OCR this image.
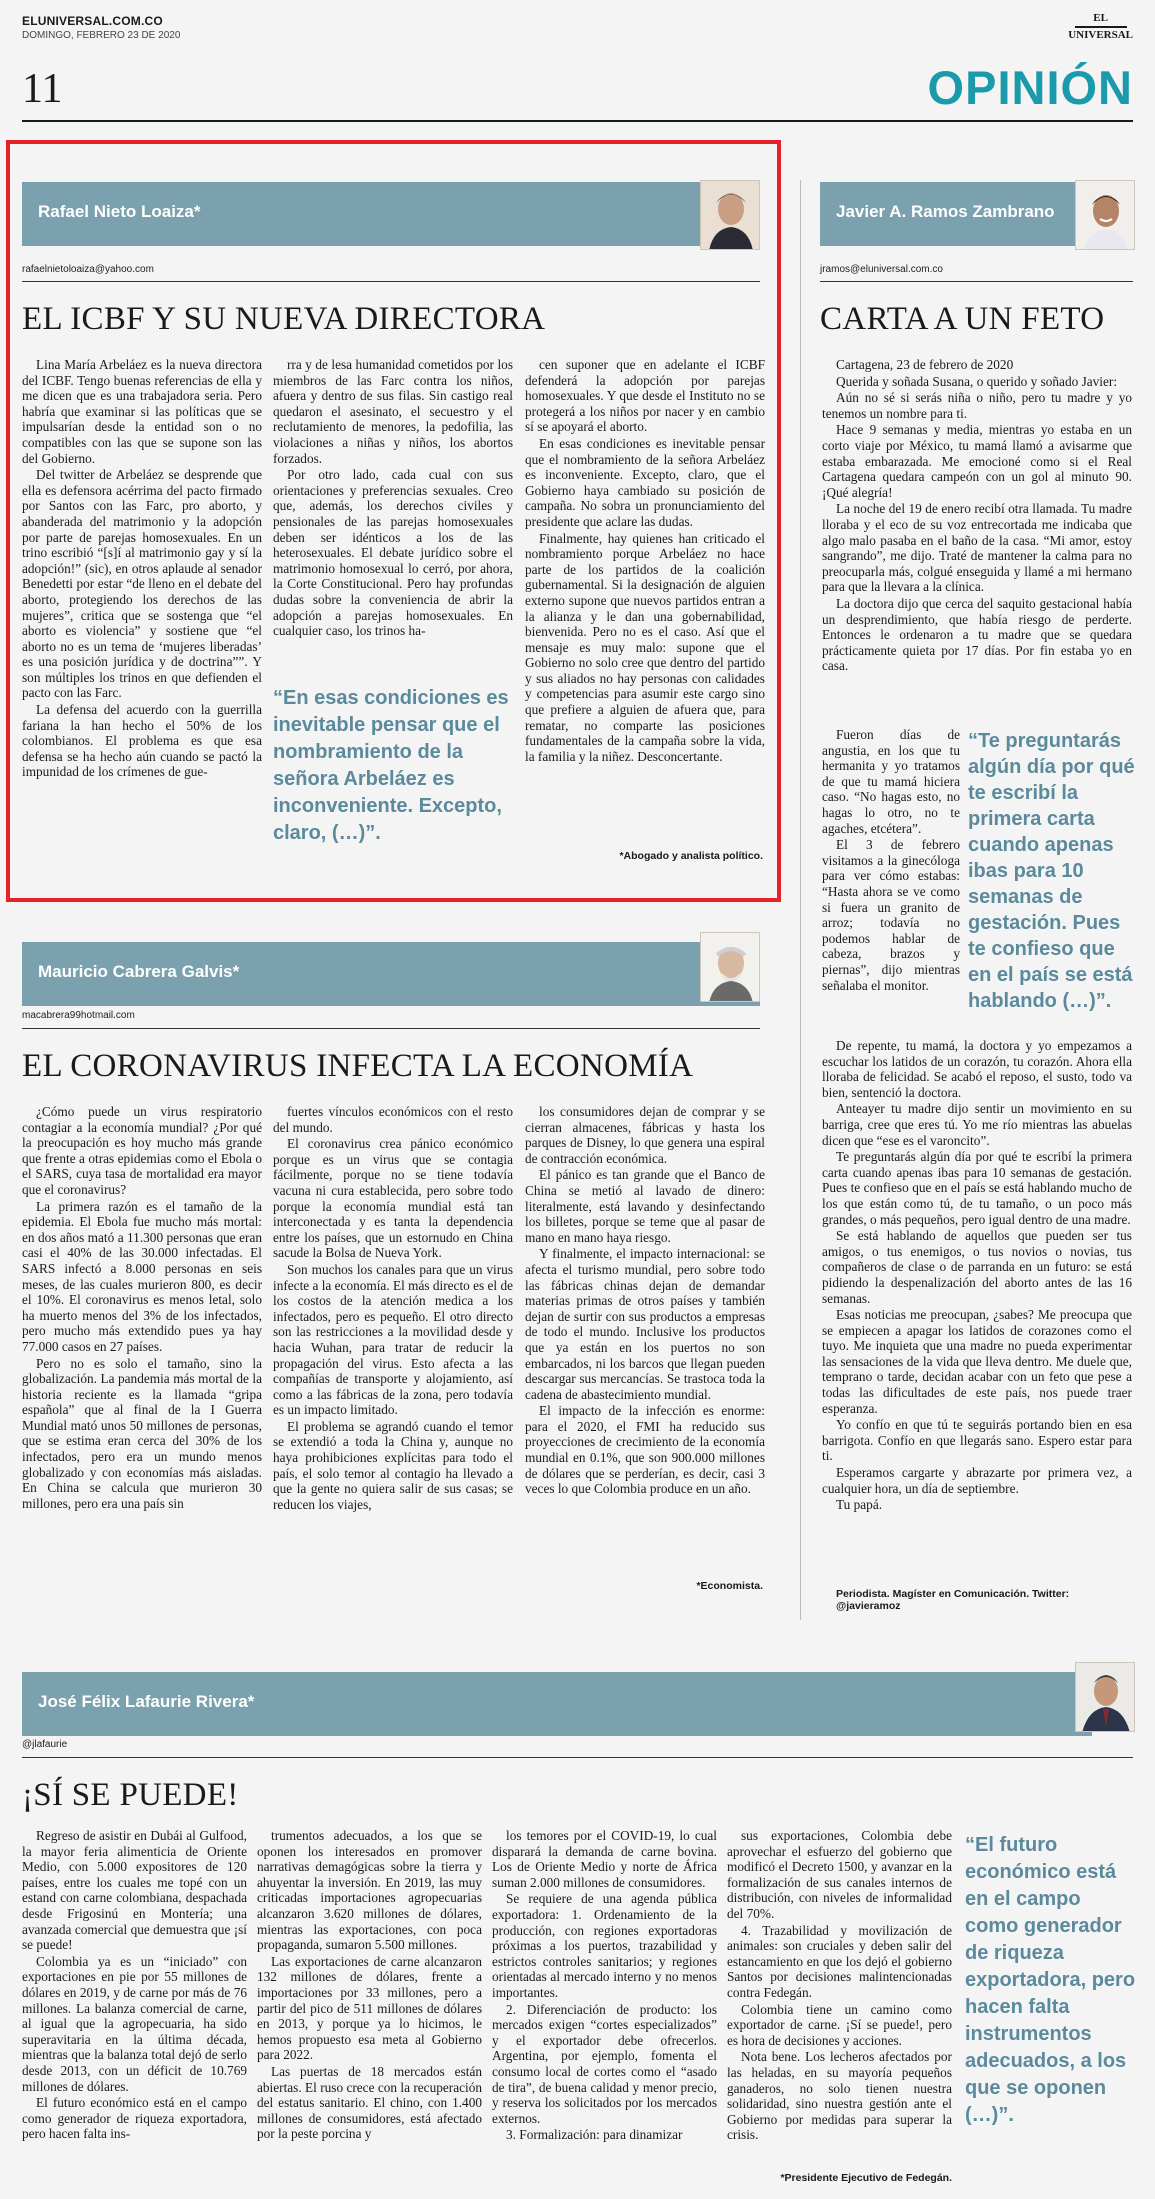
ELUNIVERSAL.COM.CO
DOMINGO, FEBRERO 23 DE 2020
EL
UNIVERSAL
11	OPINIÓN
Rafael Nieto Loaiza*
rafaelnietoloaiza@yahoo.com
EL ICBF Y SU NUEVA DIRECTORA

Lina María Arbeláez es la nueva directora del ICBF. Tengo buenas referencias de ella y me dicen que es una trabajadora seria. Pero habría que examinar si las políticas que se impulsarían desde la entidad son o no compatibles con las que se supone son las del Gobierno.

Del twitter de Arbeláez se desprende que ella es defensora acérrima del pacto firmado por Santos con las Farc, pro aborto, y abanderada del matrimonio y la adopción por parte de parejas homosexuales. En un trino escribió “[s]í al matrimonio gay y sí la adopción!” (sic), en otros aplaude al senador Benedetti por estar “de lleno en el debate del aborto, protegiendo los derechos de las mujeres”, critica que se sostenga que “el aborto es violencia” y sostiene que “el aborto no es un tema de ‘mujeres liberadas’ es una posición jurídica y de doctrina””. Y son múltiples los trinos en que defienden el pacto con las Farc.

La defensa del acuerdo con la guerrilla fariana la han hecho el 50% de los colombianos. El problema es que esa defensa se ha hecho aún cuando se pactó la impunidad de los crímenes de gue-

rra y de lesa humanidad cometidos por los miembros de las Farc contra los niños, afuera y dentro de sus filas. Sin castigo real quedaron el asesinato, el secuestro y el reclutamiento de menores, la pedofilia, las violaciones a niñas y niños, los abortos forzados.

Por otro lado, cada cual con sus orientaciones y preferencias sexuales. Creo que, además, los derechos civiles y pensionales de las parejas homosexuales deben ser idénticos a los de las heterosexuales. El debate jurídico sobre el matrimonio homosexual lo cerró, por ahora, la Corte Constitucional. Pero hay profundas dudas sobre la conveniencia de abrir la adopción a parejas homosexuales. En cualquier caso, los trinos ha-

“En esas condiciones es inevitable pensar que el nombramiento de la señora Arbeláez es inconveniente. Excepto, claro, (…)”.

cen suponer que en adelante el ICBF defenderá la adopción por parejas homosexuales. Y que desde el Instituto no se protegerá a los niños por nacer y en cambio sí se apoyará el aborto.

En esas condiciones es inevitable pensar que el nombramiento de la señora Arbeláez es inconveniente. Excepto, claro, que el Gobierno haya cambiado su posición de campaña. No sobra un pronunciamiento del presidente que aclare las dudas.

Finalmente, hay quienes han criticado el nombramiento porque Arbeláez no hace parte de los partidos de la coalición gubernamental. Si la designación de alguien externo supone que nuevos partidos entran a la alianza y le dan una gobernabilidad, bienvenida. Pero no es el caso. Así que el mensaje es muy malo: supone que el Gobierno no solo cree que dentro del partido y sus aliados no hay personas con calidades y competencias para asumir este cargo sino que prefiere a alguien de afuera que, para rematar, no comparte las posiciones fundamentales de la campaña sobre la vida, la familia y la niñez. Desconcertante.

*Abogado y analista político.
Javier A. Ramos Zambrano
jramos@eluniversal.com.co
CARTA A UN FETO

Cartagena, 23 de febrero de 2020

Querida y soñada Susana, o querido y soñado Javier:

Aún no sé si serás niña o niño, pero tu madre y yo tenemos un nombre para ti.

Hace 9 semanas y media, mientras yo estaba en un corto viaje por México, tu mamá llamó a avisarme que estaba embarazada. Me emocioné como si el Real Cartagena quedara campeón con un gol al minuto 90. ¡Qué alegría!

La noche del 19 de enero recibí otra llamada. Tu madre lloraba y el eco de su voz entrecortada me indicaba que algo malo pasaba en el baño de la casa. “Mi amor, estoy sangrando”, me dijo. Traté de mantener la calma para no preocuparla más, colgué enseguida y llamé a mi hermano para que la llevara a la clínica.

La doctora dijo que cerca del saquito gestacional había un desprendimiento, que había riesgo de perderte. Entonces le ordenaron a tu madre que se quedara prácticamente quieta por 17 días. Por fin estaba yo en casa.

Fueron días de angustia, en los que tu hermanita y yo tratamos de que tu mamá hiciera caso. “No hagas esto, no hagas lo otro, no te agaches, etcétera”.

El 3 de febrero visitamos a la ginecóloga para ver cómo estabas: “Hasta ahora se ve como si fuera un granito de arroz; todavía no podemos hablar de cabeza, brazos y piernas”, dijo mientras señalaba el monitor.

“Te preguntarás algún día por qué te escribí la primera carta cuando apenas ibas para 10 semanas de gestación. Pues te confieso que en el país se está hablando (…)”.

De repente, tu mamá, la doctora y yo empezamos a escuchar los latidos de un corazón, tu corazón. Ahora ella lloraba de felicidad. Se acabó el reposo, el susto, todo va bien, sentenció la doctora.

Anteayer tu madre dijo sentir un movimiento en su barriga, cree que eres tú. Yo me río mientras las abuelas dicen que “ese es el varoncito”.

Te preguntarás algún día por qué te escribí la primera carta cuando apenas ibas para 10 semanas de gestación. Pues te confieso que en el país se está hablando mucho de los que están como tú, de tu tamaño, o un poco más grandes, o más pequeños, pero igual dentro de una madre.

Se está hablando de aquellos que pueden ser tus amigos, o tus enemigos, o tus novios o novias, tus compañeros de clase o de parranda en un futuro: se está pidiendo la despenalización del aborto antes de las 16 semanas.

Esas noticias me preocupan, ¿sabes? Me preocupa que se empiecen a apagar los latidos de corazones como el tuyo. Me inquieta que una madre no pueda experimentar las sensaciones de la vida que lleva dentro. Me duele que, temprano o tarde, decidan acabar con un feto que pese a todas las dificultades de este país, nos puede traer esperanza.

Yo confío en que tú te seguirás portando bien en esa barrigota. Confío en que llegarás sano. Espero estar para ti.

Esperamos cargarte y abrazarte por primera vez, a cualquier hora, un día de septiembre.

Tu papá.

Periodista. Magíster en Comunicación. Twitter: @javieramoz
Mauricio Cabrera Galvis*
macabrera99hotmail.com
EL CORONAVIRUS INFECTA LA ECONOMÍA

¿Cómo puede un virus respiratorio contagiar a la economía mundial? ¿Por qué la preocupación es hoy mucho más grande que frente a otras epidemias como el Ebola o el SARS, cuya tasa de mortalidad era mayor que el coronavirus?

La primera razón es el tamaño de la epidemia. El Ebola fue mucho más mortal: en dos años mató a 11.300 personas que eran casi el 40% de las 30.000 infectadas. El SARS infectó a 8.000 personas en seis meses, de las cuales murieron 800, es decir el 10%. El coronavirus es menos letal, solo ha muerto menos del 3% de los infectados, pero mucho más extendido pues ya hay 77.000 casos en 27 países.

Pero no es solo el tamaño, sino la globalización. La pandemia más mortal de la historia reciente es la llamada “gripa española” que al final de la I Guerra Mundial mató unos 50 millones de personas, que se estima eran cerca del 30% de los infectados, pero era un mundo menos globalizado y con economías más aisladas. En China se calcula que murieron 30 millones, pero era una país sin

fuertes vínculos económicos con el resto del mundo.

El coronavirus crea pánico económico porque es un virus que se contagia fácilmente, porque no se tiene todavía vacuna ni cura establecida, pero sobre todo porque la economía mundial está tan interconectada y es tanta la dependencia entre los países, que un estornudo en China sacude la Bolsa de Nueva York.

Son muchos los canales para que un virus infecte a la economía. El más directo es el de los costos de la atención medica a los infectados, pero es pequeño. El otro directo son las restricciones a la movilidad desde y hacia Wuhan, para tratar de reducir la propagación del virus. Esto afecta a las compañías de transporte y alojamiento, así como a las fábricas de la zona, pero todavía es un impacto limitado.

El problema se agrandó cuando el temor se extendió a toda la China y, aunque no haya prohibiciones explícitas para todo el país, el solo temor al contagio ha llevado a que la gente no quiera salir de sus casas; se reducen los viajes,

los consumidores dejan de comprar y se cierran almacenes, fábricas y hasta los parques de Disney, lo que genera una espiral de contracción económica.

El pánico es tan grande que el Banco de China se metió al lavado de dinero: literalmente, está lavando y desinfectando los billetes, porque se teme que al pasar de mano en mano haya riesgo.

Y finalmente, el impacto internacional: se afecta el turismo mundial, pero sobre todo las fábricas chinas dejan de demandar materias primas de otros países y también dejan de surtir con sus productos a empresas de todo el mundo. Inclusive los productos que ya están en los puertos no son embarcados, ni los barcos que llegan pueden descargar sus mercancías. Se trastoca toda la cadena de abastecimiento mundial.

El impacto de la infección es enorme: para el 2020, el FMI ha reducido sus proyecciones de crecimiento de la economía mundial en 0.1%, que son 900.000 millones de dólares que se perderían, es decir, casi 3 veces lo que Colombia produce en un año.

*Economista.
José Félix Lafaurie Rivera*
@jlafaurie
¡SÍ SE PUEDE!

Regreso de asistir en Dubái al Gulfood, la mayor feria alimenticia de Oriente Medio, con 5.000 expositores de 120 países, entre los cuales me topé con un estand con carne colombiana, despachada desde Frigosinú en Montería; una avanzada comercial que demuestra que ¡sí se puede!

Colombia ya es un “iniciado” con exportaciones en pie por 55 millones de dólares en 2019, y de carne por más de 76 millones. La balanza comercial de carne, al igual que la agropecuaria, ha sido superavitaria en la última década, mientras que la balanza total dejó de serlo desde 2013, con un déficit de 10.769 millones de dólares.

El futuro económico está en el campo como generador de riqueza exportadora, pero hacen falta ins-

trumentos adecuados, a los que se oponen los interesados en promover narrativas demagógicas sobre la tierra y ahuyentar la inversión. En 2019, las muy criticadas importaciones agropecuarias alcanzaron 3.620 millones de dólares, mientras las exportaciones, con poca propaganda, sumaron 5.500 millones.

Las exportaciones de carne alcanzaron 132 millones de dólares, frente a importaciones por 33 millones, pero a partir del pico de 511 millones de dólares en 2013, y porque ya lo hicimos, le hemos propuesto esa meta al Gobierno para 2022.

Las puertas de 18 mercados están abiertas. El ruso crece con la recuperación del estatus sanitario. El chino, con 1.400 millones de consumidores, está afectado por la peste porcina y

los temores por el COVID-19, lo cual disparará la demanda de carne bovina. Los de Oriente Medio y norte de África suman 2.000 millones de consumidores.

Se requiere de una agenda pública exportadora: 1. Ordenamiento de la producción, con regiones exportadoras próximas a los puertos, trazabilidad y estrictos controles sanitarios; y regiones orientadas al mercado interno y no menos importantes.

2. Diferenciación de producto: los mercados exigen “cortes especializados” y el exportador debe ofrecerlos. Argentina, por ejemplo, fomenta el consumo local de cortes como el “asado de tira”, de buena calidad y menor precio, y reserva los solicitados por los mercados externos.

3. Formalización: para dinamizar

sus exportaciones, Colombia debe aprovechar el esfuerzo del gobierno que modificó el Decreto 1500, y avanzar en la formalización de sus canales internos de distribución, con niveles de informalidad del 70%.

4. Trazabilidad y movilización de animales: son cruciales y deben salir del estancamiento en que los dejó el gobierno Santos por decisiones malintencionadas contra Fedegán.

Colombia tiene un camino como exportador de carne. ¡Sí se puede!, pero es hora de decisiones y acciones.

Nota bene. Los lecheros afectados por las heladas, en su mayoría pequeños ganaderos, no solo tienen nuestra solidaridad, sino nuestra gestión ante el Gobierno por medidas para superar la crisis.

*Presidente Ejecutivo de Fedegán.
“El futuro económico está en el campo como generador de riqueza exportadora, pero hacen falta instrumentos adecuados, a los que se oponen (…)”.
